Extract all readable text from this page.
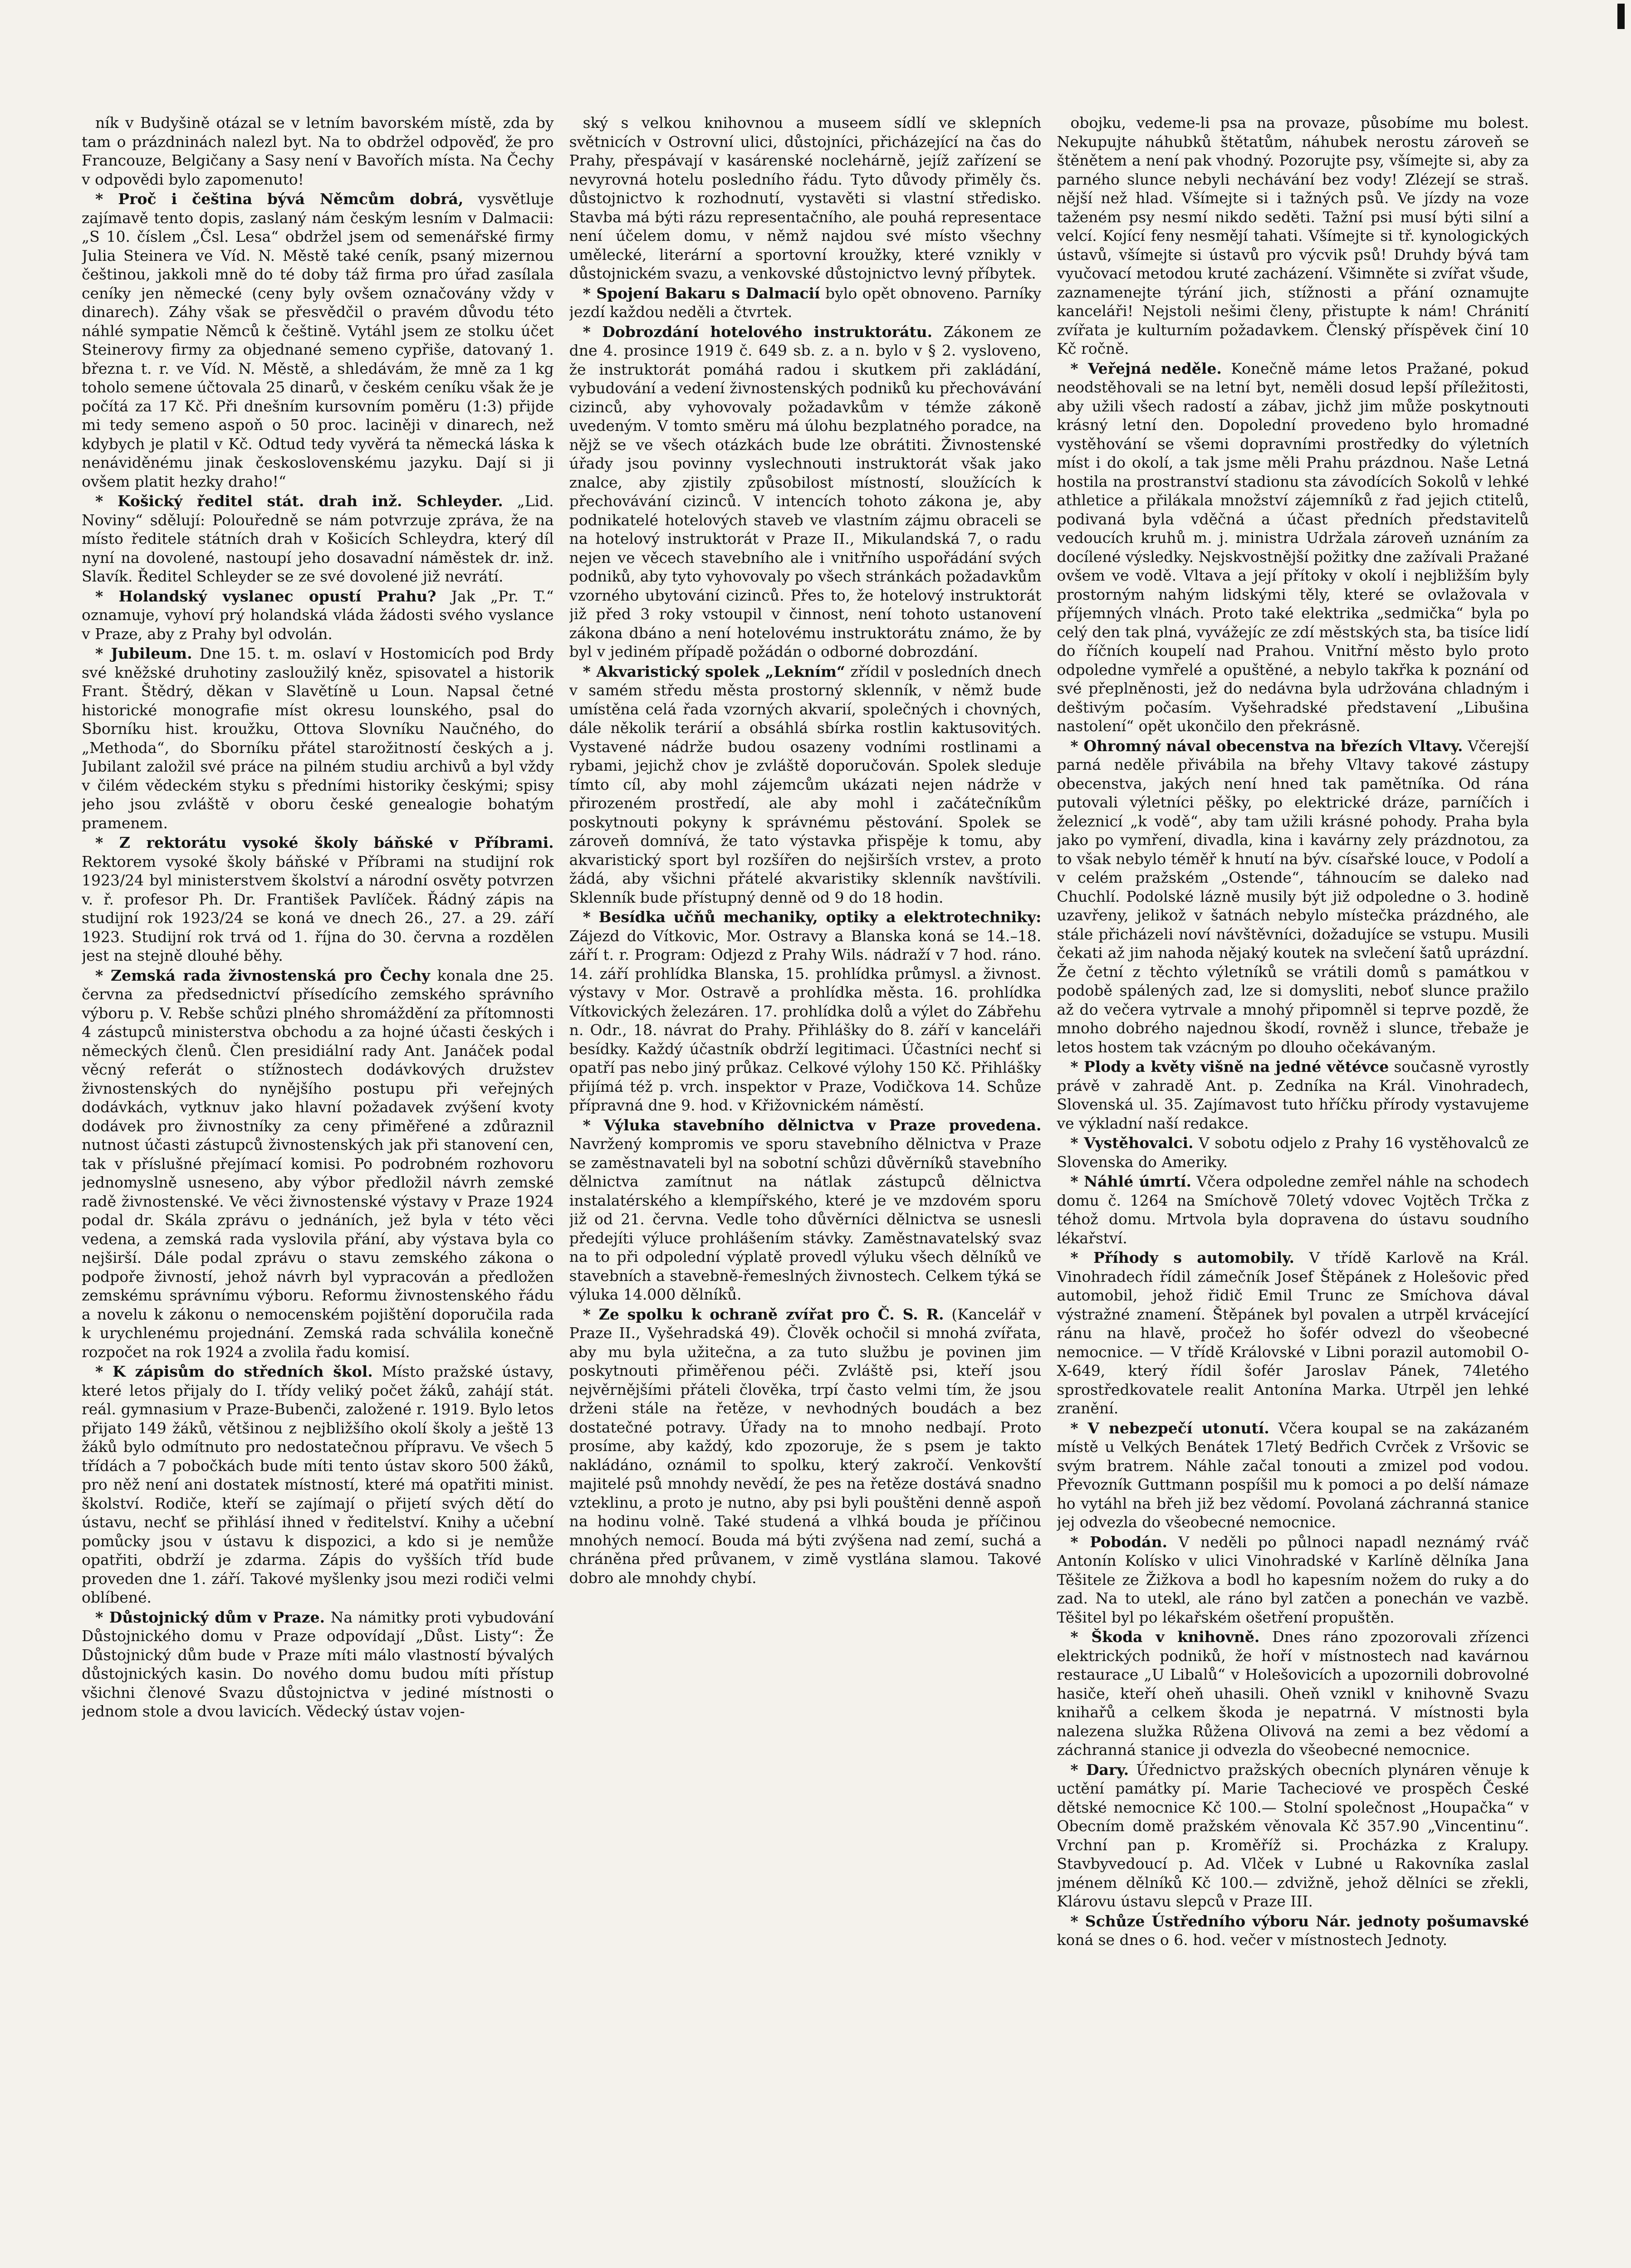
ník v Budyšině otázal se v letním bavorském místě, zda by tam o prázdninách nalezl byt. Na to obdržel odpověď, že pro Francouze, Belgičany a Sasy není v Bavořích místa. Na Čechy v odpovědi bylo zapomenuto!

* Proč i čeština bývá Němcům dobrá, vysvětluje zajímavě tento dopis, zaslaný nám českým lesním v Dalmacii: „S 10. číslem „Čsl. Lesa“ obdržel jsem od semenářské firmy Julia Steinera ve Víd. N. Městě také ceník, psaný mizernou češtinou, jakkoli mně do té doby táž firma pro úřad zasílala ceníky jen německé (ceny byly ovšem označovány vždy v dinarech). Záhy však se přesvědčil o pravém důvodu této náhlé sympatie Němců k češtině. Vytáhl jsem ze stolku účet Steinerovy firmy za objednané semeno cypřiše, datovaný 1. března t. r. ve Víd. N. Městě, a shledávám, že mně za 1 kg toholo semene účtovala 25 dinarů, v českém ceníku však že je počítá za 17 Kč. Při dnešním kursovním poměru (1:3) přijde mi tedy semeno aspoň o 50 proc. laciněji v dinarech, než kdybych je platil v Kč. Odtud tedy vyvěrá ta německá láska k nenáviděnému jinak československému jazyku. Dají si ji ovšem platit hezky draho!“

* Košický ředitel stát. drah inž. Schleyder. „Lid. Noviny“ sdělují: Polouředně se nám potvrzuje zpráva, že na místo ředitele státních drah v Košicích Schleydra, který díl nyní na dovolené, nastoupí jeho dosavadní náměstek dr. inž. Slavík. Ředitel Schleyder se ze své dovolené již nevrátí.

* Holandský vyslanec opustí Prahu? Jak „Pr. T.“ oznamuje, vyhoví prý holandská vláda žádosti svého vyslance v Praze, aby z Prahy byl odvolán.

* Jubileum. Dne 15. t. m. oslaví v Hostomicích pod Brdy své kněžské druhotiny zasloužilý kněz, spisovatel a historik Frant. Štědrý, děkan v Slavětíně u Loun. Napsal četné historické monografie míst okresu lounského, psal do Sborníku hist. kroužku, Ottova Slovníku Naučného, do „Methoda“, do Sborníku přátel starožitností českých a j. Jubilant založil své práce na pilném studiu archivů a byl vždy v čilém vědeckém styku s předními historiky českými; spisy jeho jsou zvláště v oboru české genealogie bohatým pramenem.

* Z rektorátu vysoké školy báňské v Příbrami. Rektorem vysoké školy báňské v Příbrami na studijní rok 1923/24 byl ministerstvem školství a národní osvěty potvrzen v. ř. profesor Ph. Dr. František Pavlíček. Řádný zápis na studijní rok 1923/24 se koná ve dnech 26., 27. a 29. září 1923. Studijní rok trvá od 1. října do 30. června a rozdělen jest na stejně dlouhé běhy.

* Zemská rada živnostenská pro Čechy konala dne 25. června za předsednictví přísedícího zemského správního výboru p. V. Rebše schůzi plného shromáždění za přítomnosti 4 zástupců ministerstva obchodu a za hojné účasti českých i německých členů. Člen presidiální rady Ant. Janáček podal věcný referát o stížnostech dodávkových družstev živnostenských do nynějšího postupu při veřejných dodávkách, vytknuv jako hlavní požadavek zvýšení kvoty dodávek pro živnostníky za ceny přiměřené a zdůraznil nutnost účasti zástupců živnostenských jak při stanovení cen, tak v příslušné přejímací komisi. Po podrobném rozhovoru jednomyslně usneseno, aby výbor předložil návrh zemské radě živnostenské. Ve věci živnostenské výstavy v Praze 1924 podal dr. Skála zprávu o jednáních, jež byla v této věci vedena, a zemská rada vyslovila přání, aby výstava byla co nejširší. Dále podal zprávu o stavu zemského zákona o podpoře živností, jehož návrh byl vypracován a předložen zemskému správnímu výboru. Reformu živnostenského řádu a novelu k zákonu o nemocenském pojištění doporučila rada k urychlenému projednání. Zemská rada schválila konečně rozpočet na rok 1924 a zvolila řadu komisí.

* K zápisům do středních škol. Místo pražské ústavy, které letos přijaly do I. třídy veliký počet žáků, zahájí stát. reál. gymnasium v Praze-Bubenči, založené r. 1919. Bylo letos přijato 149 žáků, většinou z nejbližšího okolí školy a ještě 13 žáků bylo odmítnuto pro nedostatečnou přípravu. Ve všech 5 třídách a 7 pobočkách bude míti tento ústav skoro 500 žáků, pro něž není ani dostatek místností, které má opatřiti minist. školství. Rodiče, kteří se zajímají o přijetí svých dětí do ústavu, nechť se přihlásí ihned v ředitelství. Knihy a učební pomůcky jsou v ústavu k dispozici, a kdo si je nemůže opatřiti, obdrží je zdarma. Zápis do vyšších tříd bude proveden dne 1. září. Takové myšlenky jsou mezi rodiči velmi oblíbené.

* Důstojnický dům v Praze. Na námitky proti vybudování Důstojnického domu v Praze odpovídají „Důst. Listy“: Že Důstojnický dům bude v Praze míti málo vlastností bývalých důstojnických kasin. Do nového domu budou míti přístup všichni členové Svazu důstojnictva v jediné místnosti o jednom stole a dvou lavicích. Vědecký ústav vojen-

ský s velkou knihovnou a museem sídlí ve sklepních světnicích v Ostrovní ulici, důstojníci, přicházející na čas do Prahy, přespávají v kasárenské noclehárně, jejíž zařízení se nevyrovná hotelu posledního řádu. Tyto důvody přiměly čs. důstojnictvo k rozhodnutí, vystavěti si vlastní středisko. Stavba má býti rázu representačního, ale pouhá representace není účelem domu, v němž najdou své místo všechny umělecké, literární a sportovní kroužky, které vznikly v důstojnickém svazu, a venkovské důstojnictvo levný příbytek.

* Spojení Bakaru s Dalmacií bylo opět obnoveno. Parníky jezdí každou neděli a čtvrtek.

* Dobrozdání hotelového instruktorátu. Zákonem ze dne 4. prosince 1919 č. 649 sb. z. a n. bylo v § 2. vysloveno, že instruktorát pomáhá radou i skutkem při zakládání, vybudování a vedení živnostenských podniků ku přechovávání cizinců, aby vyhovovaly požadavkům v témže zákoně uvedeným. V tomto směru má úlohu bezplatného poradce, na nějž se ve všech otázkách bude lze obrátiti. Živnostenské úřady jsou povinny vyslechnouti instruktorát však jako znalce, aby zjistily způsobilost místností, sloužících k přechovávání cizinců. V intencích tohoto zákona je, aby podnikatelé hotelových staveb ve vlastním zájmu obraceli se na hotelový instruktorát v Praze II., Mikulandská 7, o radu nejen ve věcech stavebního ale i vnitřního uspořádání svých podniků, aby tyto vyhovovaly po všech stránkách požadavkům vzorného ubytování cizinců. Přes to, že hotelový instruktorát již před 3 roky vstoupil v činnost, není tohoto ustanovení zákona dbáno a není hotelovému instruktorátu známo, že by byl v jediném případě požádán o odborné dobrozdání.

* Akvaristický spolek „Lekním“ zřídil v posledních dnech v samém středu města prostorný sklenník, v němž bude umístěna celá řada vzorných akvarií, společných i chovných, dále několik terárií a obsáhlá sbírka rostlin kaktusovitých. Vystavené nádrže budou osazeny vodními rostlinami a rybami, jejichž chov je zvláště doporučován. Spolek sleduje tímto cíl, aby mohl zájemcům ukázati nejen nádrže v přirozeném prostředí, ale aby mohl i začátečníkům poskytnouti pokyny k správnému pěstování. Spolek se zároveň domnívá, že tato výstavka přispěje k tomu, aby akvaristický sport byl rozšířen do nejširších vrstev, a proto žádá, aby všichni přátelé akvaristiky sklenník navštívili. Sklenník bude přístupný denně od 9 do 18 hodin.

* Besídka učňů mechaniky, optiky a elektrotechniky: Zájezd do Vítkovic, Mor. Ostravy a Blanska koná se 14.–18. září t. r. Program: Odjezd z Prahy Wils. nádraží v 7 hod. ráno. 14. září prohlídka Blanska, 15. prohlídka průmysl. a živnost. výstavy v Mor. Ostravě a prohlídka města. 16. prohlídka Vítkovických železáren. 17. prohlídka dolů a výlet do Zábřehu n. Odr., 18. návrat do Prahy. Přihlášky do 8. září v kanceláři besídky. Každý účastník obdrží legitimaci. Účastníci nechť si opatří pas nebo jiný průkaz. Celkové výlohy 150 Kč. Přihlášky přijímá též p. vrch. inspektor v Praze, Vodičkova 14. Schůze přípravná dne 9. hod. v Křižovnickém náměstí.

* Výluka stavebního dělnictva v Praze provedena. Navržený kompromis ve sporu stavebního dělnictva v Praze se zaměstnavateli byl na sobotní schůzi důvěrníků stavebního dělnictva zamítnut na nátlak zástupců dělnictva instalatérského a klempířského, které je ve mzdovém sporu již od 21. června. Vedle toho důvěrníci dělnictva se usnesli předejíti výluce prohlášením stávky. Zaměstnavatelský svaz na to při odpolední výplatě provedl výluku všech dělníků ve stavebních a stavebně-řemeslných živnostech. Celkem týká se výluka 14.000 dělníků.

* Ze spolku k ochraně zvířat pro Č. S. R. (Kancelář v Praze II., Vyšehradská 49). Člověk ochočil si mnohá zvířata, aby mu byla užitečna, a za tuto službu je povinen jim poskytnouti přiměřenou péči. Zvláště psi, kteří jsou nejvěrnějšími přáteli člověka, trpí často velmi tím, že jsou drženi stále na řetěze, v nevhodných boudách a bez dostatečné potravy. Úřady na to mnoho nedbají. Proto prosíme, aby každý, kdo zpozoruje, že s psem je takto nakládáno, oznámil to spolku, který zakročí. Venkovští majitelé psů mnohdy nevědí, že pes na řetěze dostává snadno vzteklinu, a proto je nutno, aby psi byli pouštěni denně aspoň na hodinu volně. Také studená a vlhká bouda je příčinou mnohých nemocí. Bouda má býti zvýšena nad zemí, suchá a chráněna před průvanem, v zimě vystlána slamou. Takové dobro ale mnohdy chybí.

obojku, vedeme-li psa na provaze, působíme mu bolest. Nekupujte náhubků štětatům, náhubek nerostu zároveň se štěnětem a není pak vhodný. Pozorujte psy, všímejte si, aby za parného slunce nebyli nechávání bez vody! Zlézejí se straš. nější než hlad. Všímejte si i tažných psů. Ve jízdy na voze taženém psy nesmí nikdo seděti. Tažní psi musí býti silní a velcí. Kojící feny nesmějí tahati. Všímejte si tř. kynologických ústavů, všímejte si ústavů pro výcvik psů! Druhdy bývá tam vyučovací metodou kruté zacházení. Všimněte si zvířat všude, zaznamenejte týrání jich, stížnosti a přání oznamujte kanceláři! Nejstoli nešimi členy, přistupte k nám! Chránití zvířata je kulturním požadavkem. Členský příspěvek činí 10 Kč ročně.

* Veřejná neděle. Konečně máme letos Pražané, pokud neodstěhovali se na letní byt, neměli dosud lepší příležitosti, aby užili všech radostí a zábav, jichž jim může poskytnouti krásný letní den. Dopolední provedeno bylo hromadné vystěhování se všemi dopravními prostředky do výletních míst i do okolí, a tak jsme měli Prahu prázdnou. Naše Letná hostila na prostranství stadionu sta závodících Sokolů v lehké athletice a přilákala množství zájemníků z řad jejich ctitelů, podivaná byla vděčná a účast předních představitelů vedoucích kruhů m. j. ministra Udržala zároveň uznáním za docílené výsledky. Nejskvostnější požitky dne zažívali Pražané ovšem ve vodě. Vltava a její přítoky v okolí i nejbližším byly prostorným nahým lidskými těly, které se ovlažovala v příjemných vlnách. Proto také elektrika „sedmička“ byla po celý den tak plná, vyvážejíc ze zdí městských sta, ba tisíce lidí do říčních koupelí nad Prahou. Vnitřní město bylo proto odpoledne vymřelé a opuštěné, a nebylo takřka k poznání od své přeplněnosti, jež do nedávna byla udržována chladným i deštivým počasím. Vyšehradské představení „Libušina nastolení“ opět ukončilo den překrásně.

* Ohromný nával obecenstva na březích Vltavy. Včerejší parná neděle přivábila na břehy Vltavy takové zástupy obecenstva, jakých není hned tak pamětníka. Od rána putovali výletníci pěšky, po elektrické dráze, parníčích i železnicí „k vodě“, aby tam užili krásné pohody. Praha byla jako po vymření, divadla, kina i kavárny zely prázdnotou, za to však nebylo téměř k hnutí na býv. císařské louce, v Podolí a v celém pražském „Ostende“, táhnoucím se daleko nad Chuchlí. Podolské lázně musily být již odpoledne o 3. hodině uzavřeny, jelikož v šatnách nebylo místečka prázdného, ale stále přicházeli noví návštěvníci, dožadujíce se vstupu. Musili čekati až jim nahoda nějaký koutek na svlečení šatů uprázdní. Že četní z těchto výletníků se vrátili domů s památkou v podobě spálených zad, lze si domysliti, neboť slunce pražilo až do večera vytrvale a mnohý připomněl si teprve pozdě, že mnoho dobrého najednou škodí, rovněž i slunce, třebaže je letos hostem tak vzácným po dlouho očekávaným.

* Plody a květy višně na jedné větévce současně vyrostly právě v zahradě Ant. p. Zedníka na Král. Vinohradech, Slovenská ul. 35. Zajímavost tuto hříčku přírody vystavujeme ve výkladní naší redakce.

* Vystěhovalci. V sobotu odjelo z Prahy 16 vystěhovalců ze Slovenska do Ameriky.

* Náhlé úmrtí. Včera odpoledne zemřel náhle na schodech domu č. 1264 na Smíchově 70letý vdovec Vojtěch Trčka z téhož domu. Mrtvola byla dopravena do ústavu soudního lékařství.

* Příhody s automobily. V třídě Karlově na Král. Vinohradech řídil zámečník Josef Štěpánek z Holešovic před automobil, jehož řidič Emil Trunc ze Smíchova dával výstražné znamení. Štěpánek byl povalen a utrpěl krvácející ránu na hlavě, pročež ho šofér odvezl do všeobecné nemocnice. — V třídě Královské v Libni porazil automobil O-X-649, který řídil šofér Jaroslav Pánek, 74letého sprostředkovatele realit Antonína Marka. Utrpěl jen lehké zranění.

* V nebezpečí utonutí. Včera koupal se na zakázaném místě u Velkých Benátek 17letý Bedřich Cvrček z Vršovic se svým bratrem. Náhle začal tonouti a zmizel pod vodou. Převozník Guttmann pospíšil mu k pomoci a po delší námaze ho vytáhl na břeh již bez vědomí. Povolaná záchranná stanice jej odvezla do všeobecné nemocnice.

* Pobodán. V neděli po půlnoci napadl neznámý rváč Antonín Kolísko v ulici Vinohradské v Karlíně dělníka Jana Těšitele ze Žižkova a bodl ho kapesním nožem do ruky a do zad. Na to utekl, ale ráno byl zatčen a ponechán ve vazbě. Těšitel byl po lékařském ošetření propuštěn.

* Škoda v knihovně. Dnes ráno zpozorovali zřízenci elektrických podniků, že hoří v místnostech nad kavárnou restaurace „U Libalů“ v Holešovicích a upozornili dobrovolné hasiče, kteří oheň uhasili. Oheň vznikl v knihovně Svazu knihařů a celkem škoda je nepatrná. V místnosti byla nalezena služka Růžena Olivová na zemi a bez vědomí a záchranná stanice ji odvezla do všeobecné nemocnice.

* Dary. Úřednictvo pražských obecních plynáren věnuje k uctění památky pí. Marie Tacheciové ve prospěch České dětské nemocnice Kč 100.— Stolní společnost „Houpačka“ v Obecním domě pražském věnovala Kč 357.90 „Vincentinu“. Vrchní pan p. Kroměříž si. Procházka z Kralupy. Stavbyvedoucí p. Ad. Vlček v Lubné u Rakovníka zaslal jménem dělníků Kč 100.— zdvižně, jehož dělníci se zřekli, Klárovu ústavu slepců v Praze III.

* Schůze Ústředního výboru Nár. jednoty pošumavské koná se dnes o 6. hod. večer v místnostech Jednoty.
